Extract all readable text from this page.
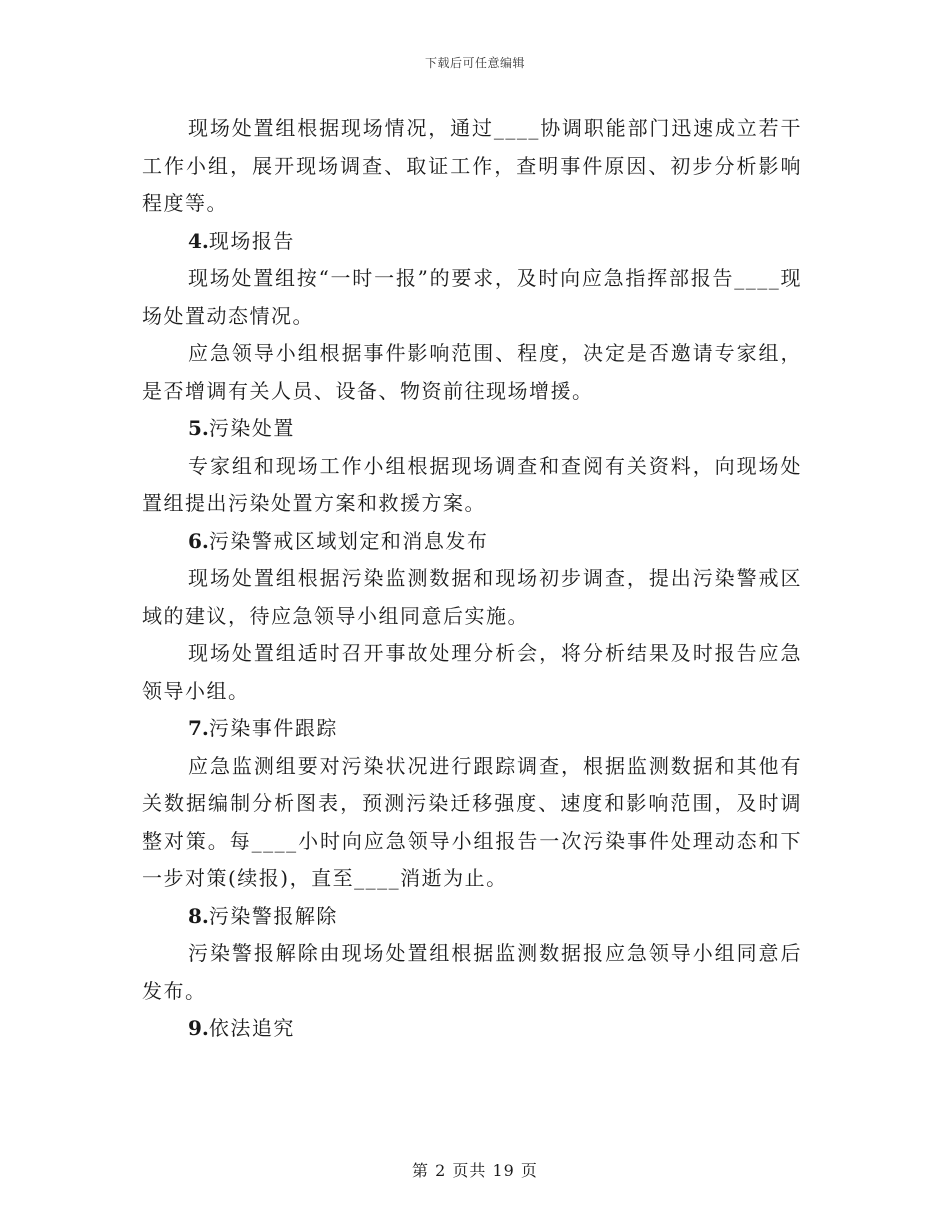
下载后可任意编辑

现场处置组根据现场情况，通过____协调职能部门迅速成立若干工作小组，展开现场调查、取证工作，查明事件原因、初步分析影响程度等。

4.现场报告

现场处置组按“一时一报”的要求，及时向应急指挥部报告____现场处置动态情况。

应急领导小组根据事件影响范围、程度，决定是否邀请专家组，是否增调有关人员、设备、物资前往现场增援。

5.污染处置

专家组和现场工作小组根据现场调查和查阅有关资料，向现场处置组提出污染处置方案和救援方案。

6.污染警戒区域划定和消息发布

现场处置组根据污染监测数据和现场初步调查，提出污染警戒区域的建议，待应急领导小组同意后实施。

现场处置组适时召开事故处理分析会，将分析结果及时报告应急领导小组。

7.污染事件跟踪

应急监测组要对污染状况进行跟踪调查，根据监测数据和其他有关数据编制分析图表，预测污染迁移强度、速度和影响范围，及时调整对策。每____小时向应急领导小组报告一次污染事件处理动态和下一步对策(续报)，直至____消逝为止。

8.污染警报解除

污染警报解除由现场处置组根据监测数据报应急领导小组同意后发布。

9.依法追究

第 2 页共 19 页
